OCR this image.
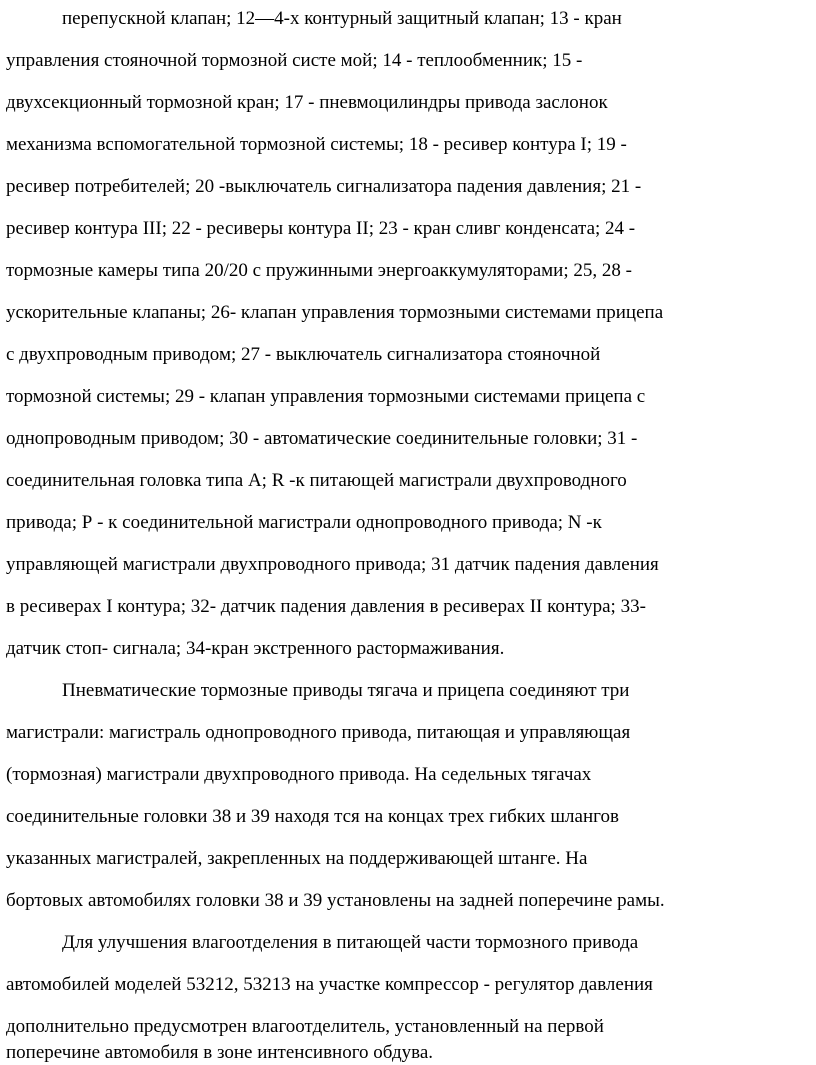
перепускной клапан; 12—4-х контурный защитный клапан; 13 - кран
управления стояночной тормозной систе мой; 14 - теплообменник; 15 -
двухсекционный тормозной кран; 17 - пневмоцилиндры привода заслонок
механизма вспомогательной тормозной системы; 18 - ресивер контура I; 19 -
ресивер потребителей; 20 -выключатель сигнализатора падения давления; 21 -
ресивер контура III; 22 - ресиверы контура II; 23 - кран сливг конденсата; 24 -
тормозные камеры типа 20/20 с пружинными энергоаккумуляторами; 25, 28 -
ускорительные клапаны; 26- клапан управления тормозными системами прицепа
с двухпроводным приводом; 27 - выключатель сигнализатора стояночной
тормозной системы; 29 - клапан управления тормозными системами прицепа с
однопроводным приводом; 30 - автоматические соединительные головки; 31 -
соединительная головка типа А; R -к питающей магистрали двухпроводного
привода; Р - к соединительной магистрали однопроводного привода; N -к
управляющей магистрали двухпроводного привода; 31 датчик падения давления
в ресиверах I контура; 32- датчик падения давления в ресиверах II контура; 33-
датчик стоп- сигнала; 34-кран экстренного растормаживания.
Пневматические тормозные приводы тягача и прицепа соединяют три
магистрали: магистраль однопроводного привода, питающая и управляющая
(тормозная) магистрали двухпроводного привода. На седельных тягачах
соединительные головки 38 и 39 находя тся на концах трех гибких шлангов
указанных магистралей, закрепленных на поддерживающей штанге. На
бортовых автомобилях головки 38 и 39 установлены на задней поперечине рамы.
Для улучшения влагоотделения в питающей части тормозного привода
автомобилей моделей 53212, 53213 на участке компрессор - регулятор давления
дополнительно предусмотрен влагоотделитель, установленный на первой
поперечине автомобиля в зоне интенсивного обдува.
